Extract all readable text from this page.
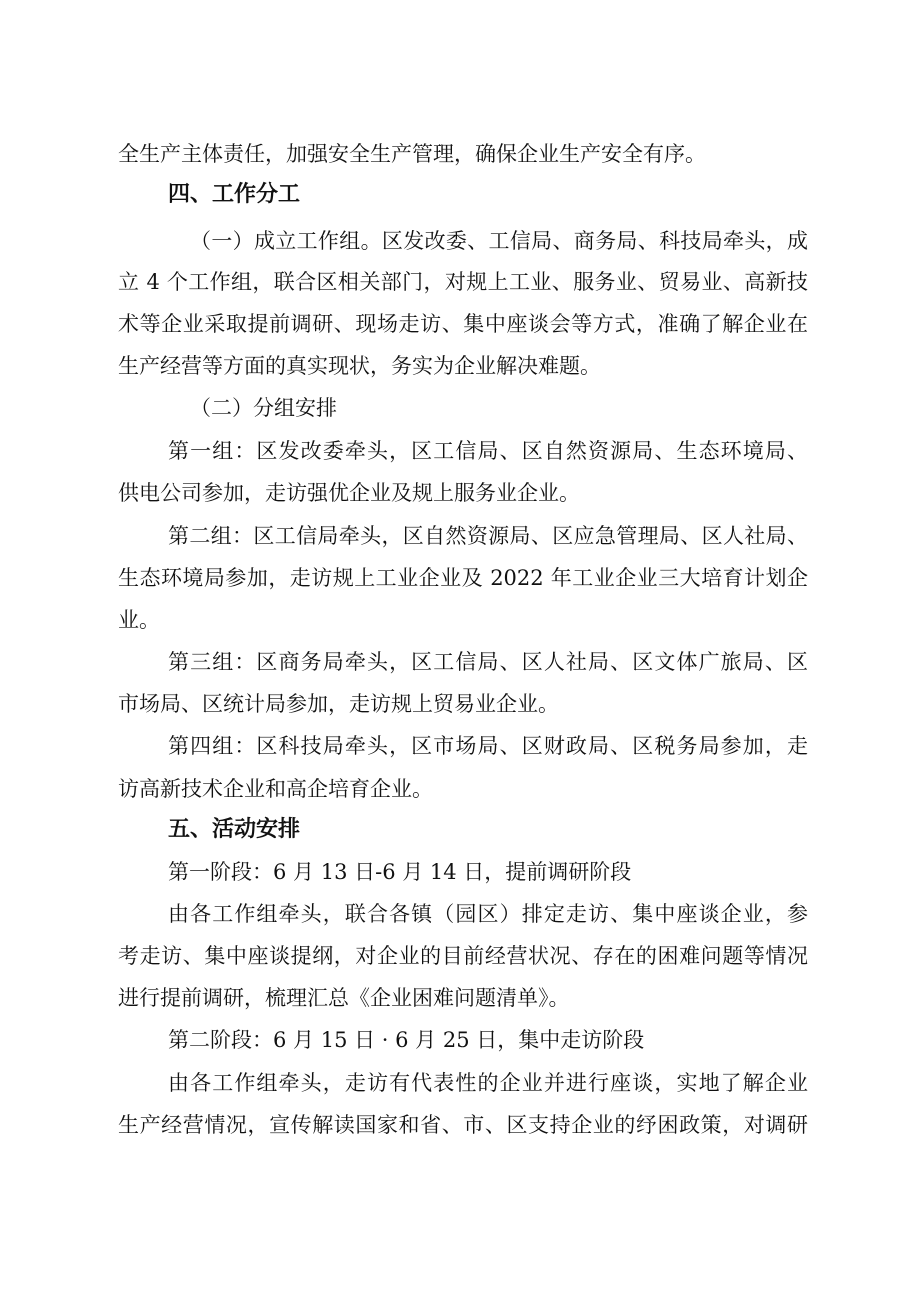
全生产主体责任，加强安全生产管理，确保企业生产安全有序。
四、工作分工
（一）成立工作组。区发改委、工信局、商务局、科技局牵头，成
立 4 个工作组，联合区相关部门，对规上工业、服务业、贸易业、高新技
术等企业采取提前调研、现场走访、集中座谈会等方式，准确了解企业在
生产经营等方面的真实现状，务实为企业解决难题。
（二）分组安排
第一组：区发改委牵头，区工信局、区自然资源局、生态环境局、
供电公司参加，走访强优企业及规上服务业企业。
第二组：区工信局牵头，区自然资源局、区应急管理局、区人社局、
生态环境局参加，走访规上工业企业及 2022 年工业企业三大培育计划企
业。
第三组：区商务局牵头，区工信局、区人社局、区文体广旅局、区
市场局、区统计局参加，走访规上贸易业企业。
第四组：区科技局牵头，区市场局、区财政局、区税务局参加，走
访高新技术企业和高企培育企业。
五、活动安排
第一阶段：6 月 13 日-6 月 14 日，提前调研阶段
由各工作组牵头，联合各镇（园区）排定走访、集中座谈企业，参
考走访、集中座谈提纲，对企业的目前经营状况、存在的困难问题等情况
进行提前调研，梳理汇总《企业困难问题清单》。
第二阶段：6 月 15 日 · 6 月 25 日，集中走访阶段
由各工作组牵头，走访有代表性的企业并进行座谈，实地了解企业
生产经营情况，宣传解读国家和省、市、区支持企业的纾困政策，对调研
